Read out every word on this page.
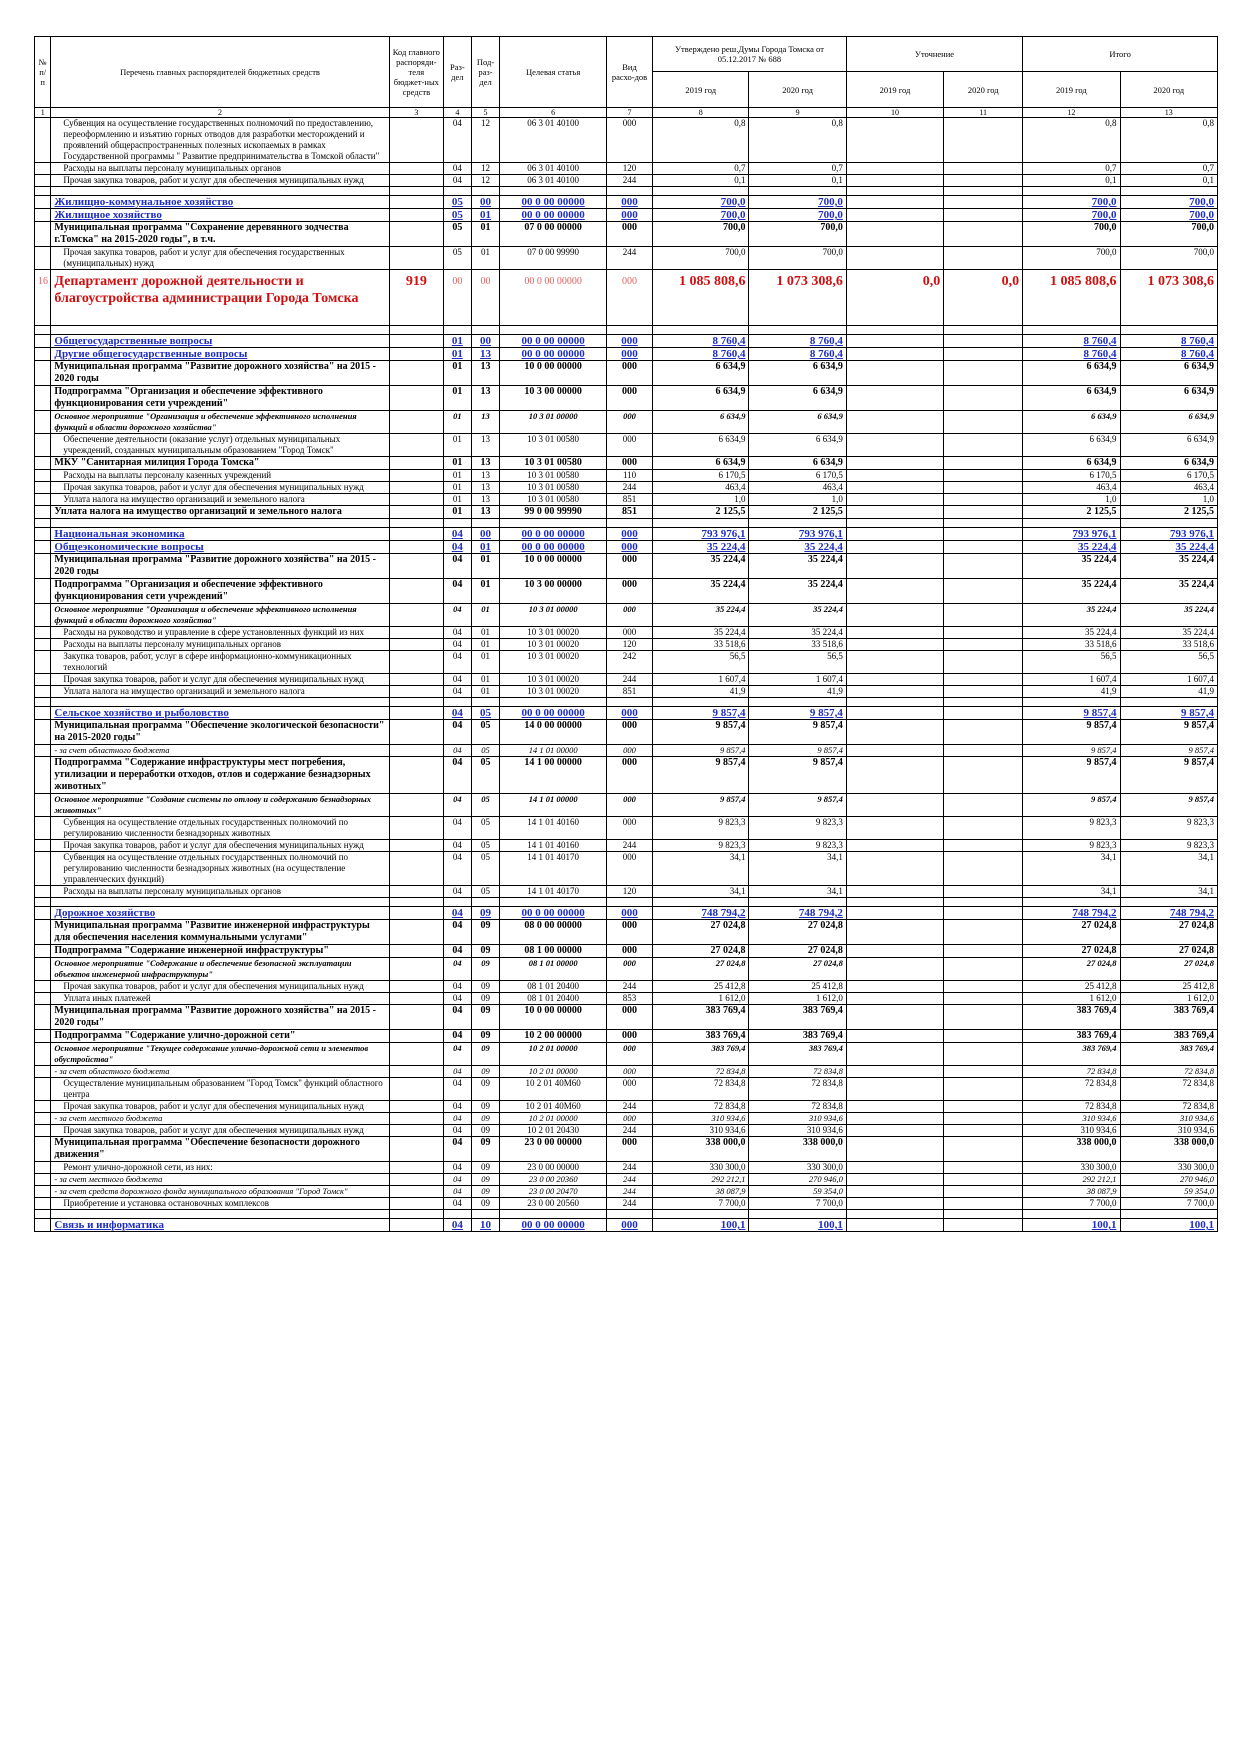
№ п/п	Перечень главных распорядителей бюджетных средств	Код главного распоряди-теля бюджет-ных средств	Раз-дел	Под-раз-дел	Целевая статья	Вид расхо-дов	Утверждено реш.Думы Города Томска от 05.12.2017 № 688		Уточнение		Итого	
							2019 год	2020 год	2019 год	2020 год	2019 год	2020 год
1	2	3	4	5	6	7	8	9	10	11	12	13
	Субвенция на осуществление государственных полномочий по предоставлению, переоформлению и изъятию горных отводов для разработки месторождений и проявлений общераспространенных полезных ископаемых в рамках Государственной программы " Развитие предпринимательства в Томской области"		04	12	06 3 01 40100	000	0,8	0,8			0,8	0,8
	Расходы на выплаты персоналу муниципальных органов		04	12	06 3 01 40100	120	0,7	0,7			0,7	0,7
	Прочая закупка товаров, работ и услуг для обеспечения муниципальных нужд		04	12	06 3 01 40100	244	0,1	0,1			0,1	0,1

	Жилищно-коммунальное хозяйство		05	00	00 0 00 00000	000	700,0	700,0			700,0	700,0
	Жилищное хозяйство		05	01	00 0 00 00000	000	700,0	700,0			700,0	700,0
	Муниципальная программа "Сохранение деревянного зодчества г.Томска" на 2015-2020 годы", в т.ч.		05	01	07 0 00 00000	000	700,0	700,0			700,0	700,0
	Прочая закупка товаров, работ и услуг для обеспечения государственных (муниципальных) нужд		05	01	07 0 00 99990	244	700,0	700,0			700,0	700,0
16	Департамент дорожной деятельности и благоустройства администрации Города Томска	919	00	00	00 0 00 00000	000	1 085 808,6	1 073 308,6	0,0	0,0	1 085 808,6	1 073 308,6

	Общегосударственные вопросы		01	00	00 0 00 00000	000	8 760,4	8 760,4			8 760,4	8 760,4
	Другие общегосударственные вопросы		01	13	00 0 00 00000	000	8 760,4	8 760,4			8 760,4	8 760,4
	Муниципальная программа "Развитие дорожного хозяйства" на 2015 - 2020 годы		01	13	10 0 00 00000	000	6 634,9	6 634,9			6 634,9	6 634,9
	Подпрограмма "Организация и обеспечение эффективного функционирования сети учреждений"		01	13	10 3 00 00000	000	6 634,9	6 634,9			6 634,9	6 634,9
	Основное мероприятие "Организация и обеспечение эффективного исполнения функций в области дорожного хозяйства"		01	13	10 3 01 00000	000	6 634,9	6 634,9			6 634,9	6 634,9
	Обеспечение деятельности (оказание услуг) отдельных муниципальных учреждений, созданных муниципальным образованием "Город Томск"		01	13	10 3 01 00580	000	6 634,9	6 634,9			6 634,9	6 634,9
	МКУ "Санитарная милиция Города Томска"		01	13	10 3 01 00580	000	6 634,9	6 634,9			6 634,9	6 634,9
	Расходы на выплаты персоналу казенных учреждений		01	13	10 3 01 00580	110	6 170,5	6 170,5			6 170,5	6 170,5
	Прочая закупка товаров, работ и услуг для обеспечения муниципальных нужд		01	13	10 3 01 00580	244	463,4	463,4			463,4	463,4
	Уплата налога на имущество организаций и земельного налога		01	13	10 3 01 00580	851	1,0	1,0			1,0	1,0
	Уплата налога на имущество организаций и земельного налога		01	13	99 0 00 99990	851	2 125,5	2 125,5			2 125,5	2 125,5

	Национальная экономика		04	00	00 0 00 00000	000	793 976,1	793 976,1			793 976,1	793 976,1
	Общеэкономические вопросы		04	01	00 0 00 00000	000	35 224,4	35 224,4			35 224,4	35 224,4
	Муниципальная программа "Развитие дорожного хозяйства" на 2015 - 2020 годы		04	01	10 0 00 00000	000	35 224,4	35 224,4			35 224,4	35 224,4
	Подпрограмма "Организация и обеспечение эффективного функционирования сети учреждений"		04	01	10 3 00 00000	000	35 224,4	35 224,4			35 224,4	35 224,4
	Основное мероприятие "Организация и обеспечение эффективного исполнения функций в области дорожного хозяйства"		04	01	10 3 01 00000	000	35 224,4	35 224,4			35 224,4	35 224,4
	Расходы на руководство и управление в сфере установленных функций из них		04	01	10 3 01 00020	000	35 224,4	35 224,4			35 224,4	35 224,4
	Расходы на выплаты персоналу муниципальных органов		04	01	10 3 01 00020	120	33 518,6	33 518,6			33 518,6	33 518,6
	Закупка товаров, работ, услуг в сфере информационно-коммуникационных технологий		04	01	10 3 01 00020	242	56,5	56,5			56,5	56,5
	Прочая закупка товаров, работ и услуг для обеспечения муниципальных нужд		04	01	10 3 01 00020	244	1 607,4	1 607,4			1 607,4	1 607,4
	Уплата налога на имущество организаций и земельного налога		04	01	10 3 01 00020	851	41,9	41,9			41,9	41,9

	Сельское хозяйство и рыболовство		04	05	00 0 00 00000	000	9 857,4	9 857,4			9 857,4	9 857,4
	Муниципальная программа "Обеспечение экологической безопасности" на 2015-2020 годы"		04	05	14 0 00 00000	000	9 857,4	9 857,4			9 857,4	9 857,4
	- за счет областного бюджета		04	05	14 1 01 00000	000	9 857,4	9 857,4			9 857,4	9 857,4
	Подпрограмма "Содержание инфраструктуры мест погребения, утилизации и переработки отходов, отлов и содержание безнадзорных животных"		04	05	14 1 00 00000	000	9 857,4	9 857,4			9 857,4	9 857,4
	Основное мероприятие "Создание системы по отлову и содержанию безнадзорных животных"		04	05	14 1 01 00000	000	9 857,4	9 857,4			9 857,4	9 857,4
	Субвенция на осуществление отдельных государственных полномочий по регулированию численности безнадзорных животных		04	05	14 1 01 40160	000	9 823,3	9 823,3			9 823,3	9 823,3
	Прочая закупка товаров, работ и услуг для обеспечения муниципальных нужд		04	05	14 1 01 40160	244	9 823,3	9 823,3			9 823,3	9 823,3
	Субвенция на осуществление отдельных государственных полномочий по регулированию численности безнадзорных животных (на осуществление управленческих функций)		04	05	14 1 01 40170	000	34,1	34,1			34,1	34,1
	Расходы на выплаты персоналу муниципальных органов		04	05	14 1 01 40170	120	34,1	34,1			34,1	34,1

	Дорожное хозяйство		04	09	00 0 00 00000	000	748 794,2	748 794,2			748 794,2	748 794,2
	Муниципальная программа "Развитие инженерной инфраструктуры для обеспечения населения коммунальными услугами"		04	09	08 0 00 00000	000	27 024,8	27 024,8			27 024,8	27 024,8
	Подпрограмма "Содержание инженерной инфраструктуры"		04	09	08 1 00 00000	000	27 024,8	27 024,8			27 024,8	27 024,8
	Основное мероприятие "Содержание и обеспечение безопасной эксплуатации объектов инженерной инфраструктуры"		04	09	08 1 01 00000	000	27 024,8	27 024,8			27 024,8	27 024,8
	Прочая закупка товаров, работ и услуг для обеспечения муниципальных нужд		04	09	08 1 01 20400	244	25 412,8	25 412,8			25 412,8	25 412,8
	Уплата иных платежей		04	09	08 1 01 20400	853	1 612,0	1 612,0			1 612,0	1 612,0
	Муниципальная программа "Развитие дорожного хозяйства" на 2015 - 2020 годы"		04	09	10 0 00 00000	000	383 769,4	383 769,4			383 769,4	383 769,4
	Подпрограмма "Содержание улично-дорожной сети"		04	09	10 2 00 00000	000	383 769,4	383 769,4			383 769,4	383 769,4
	Основное мероприятие "Текущее содержание улично-дорожной сети и элементов обустройства"		04	09	10 2 01 00000	000	383 769,4	383 769,4			383 769,4	383 769,4
	- за счет областного бюджета		04	09	10 2 01 00000	000	72 834,8	72 834,8			72 834,8	72 834,8
	Осуществление муниципальным образованием "Город Томск" функций областного центра		04	09	10 2 01 40M60	000	72 834,8	72 834,8			72 834,8	72 834,8
	Прочая закупка товаров, работ и услуг для обеспечения муниципальных нужд		04	09	10 2 01 40M60	244	72 834,8	72 834,8			72 834,8	72 834,8
	- за счет местного бюджета		04	09	10 2 01 00000	000	310 934,6	310 934,6			310 934,6	310 934,6
	Прочая закупка товаров, работ и услуг для обеспечения муниципальных нужд		04	09	10 2 01 20430	244	310 934,6	310 934,6			310 934,6	310 934,6
	Муниципальная программа "Обеспечение безопасности дорожного движения"		04	09	23 0 00 00000	000	338 000,0	338 000,0			338 000,0	338 000,0
	Ремонт улично-дорожной сети, из них:		04	09	23 0 00 00000	244	330 300,0	330 300,0			330 300,0	330 300,0
	- за счет местного бюджета		04	09	23 0 00 20360	244	292 212,1	270 946,0			292 212,1	270 946,0
	- за счет средств дорожного фонда муниципального образования "Город Томск"		04	09	23 0 00 20470	244	38 087,9	59 354,0			38 087,9	59 354,0
	Приобретение и установка остановочных комплексов		04	09	23 0 00 20560	244	7 700,0	7 700,0			7 700,0	7 700,0

	Связь и информатика		04	10	00 0 00 00000	000	100,1	100,1			100,1	100,1
